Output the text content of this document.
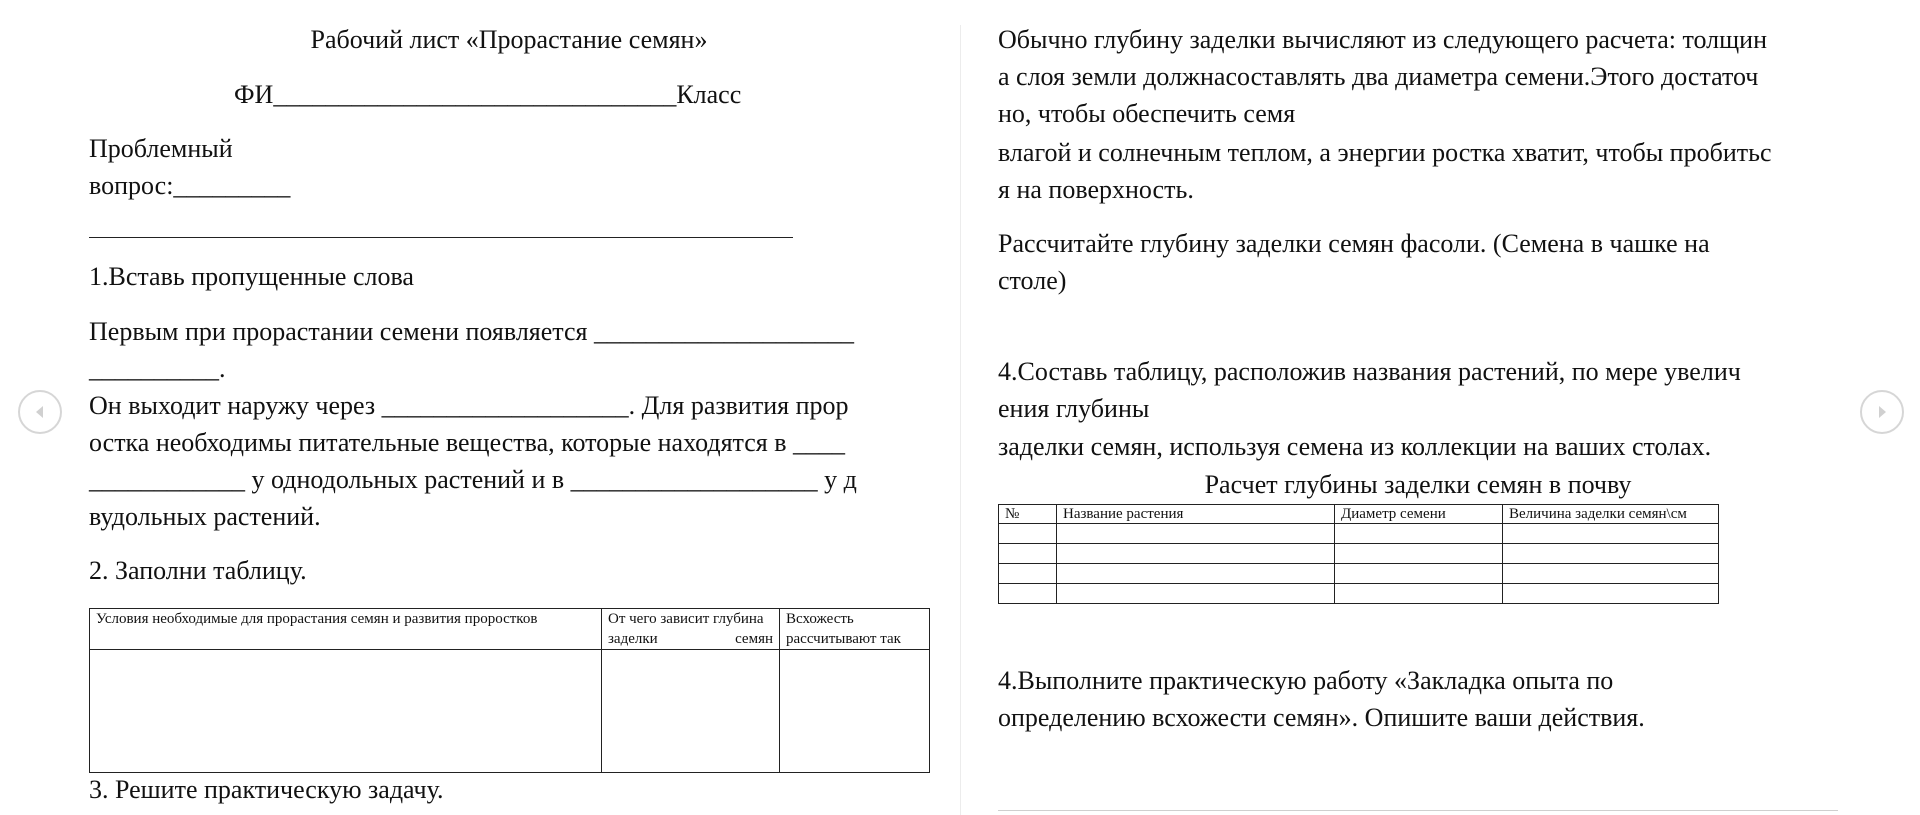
Рабочий лист «Прорастание семян»
ФИ_______________________________Класс
Проблемный
вопрос:_________
1.Вставь пропущенные слова
Первым при прорастании семени появляется ____________________
__________.
Он выходит наружу через ___________________. Для развития прор
остка необходимы питательные вещества, которые находятся в ____
____________ у однодольных растений и в ___________________ у д
вудольных растений.
2. Заполни таблицу.
Условия необходимые для прорастания семян и развития проростков	От чего зависит глубина заделки семян	Всхожесть рассчитывают так

3. Решите практическую задачу.
Обычно глубину заделки вычисляют из следующего расчета: толщин
а слоя земли должнасоставлять два диаметра семени.Этого достаточ
но, чтобы обеспечить семя
влагой и солнечным теплом, а энергии ростка хватит, чтобы пробитьс
я на поверхность.
Рассчитайте глубину заделки семян фасоли. (Семена в чашке на
столе)
4.Составь таблицу, расположив названия растений, по мере увелич
ения глубины
заделки семян, используя семена из коллекции на ваших столах.
Расчет глубины заделки семян в почву
№	Название растения	Диаметр семени	Величина заделки семян\см

4.Выполните практическую работу «Закладка опыта по
определению всхожести семян». Опишите ваши действия.
